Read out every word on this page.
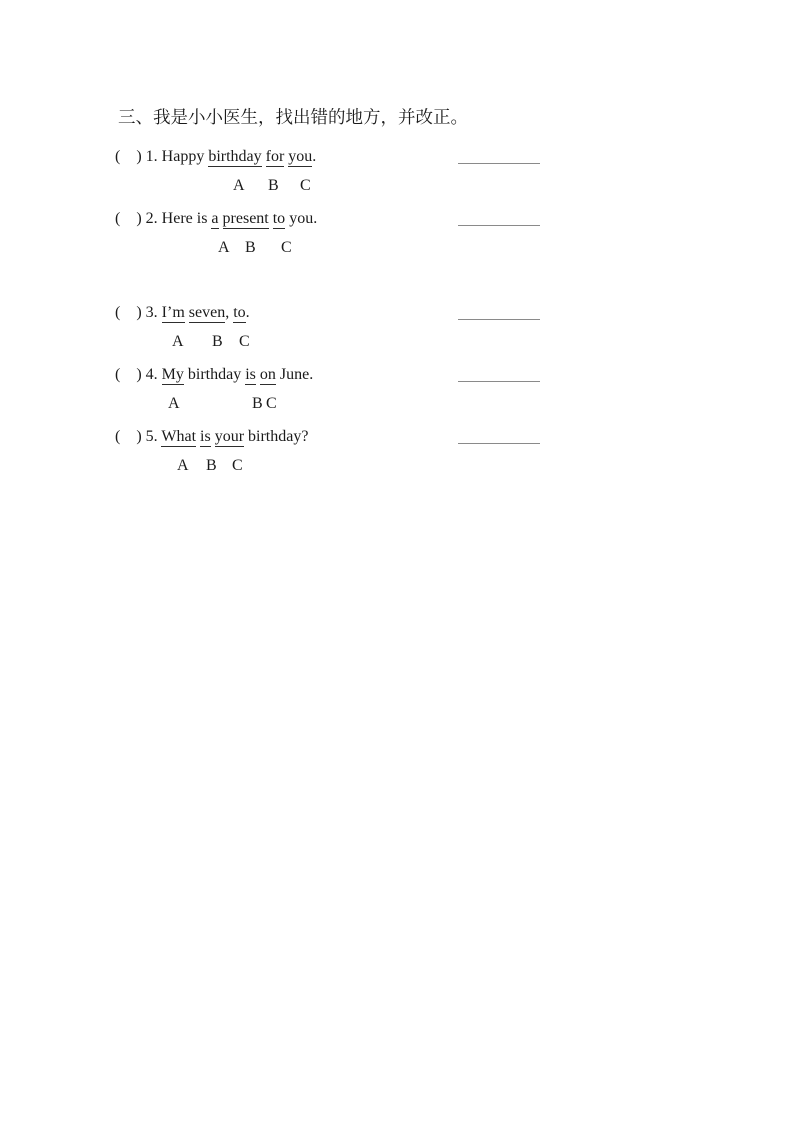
三、我是小小医生，找出错的地方，并改正。
(    ) 1. Happy birthday for you.
A B C
(    ) 2. Here is a present to you.
A B C
(    ) 3. I’m seven, to.
A B C
(    ) 4. My birthday is on June.
A	B C
(    ) 5. What is your birthday?
A B C
